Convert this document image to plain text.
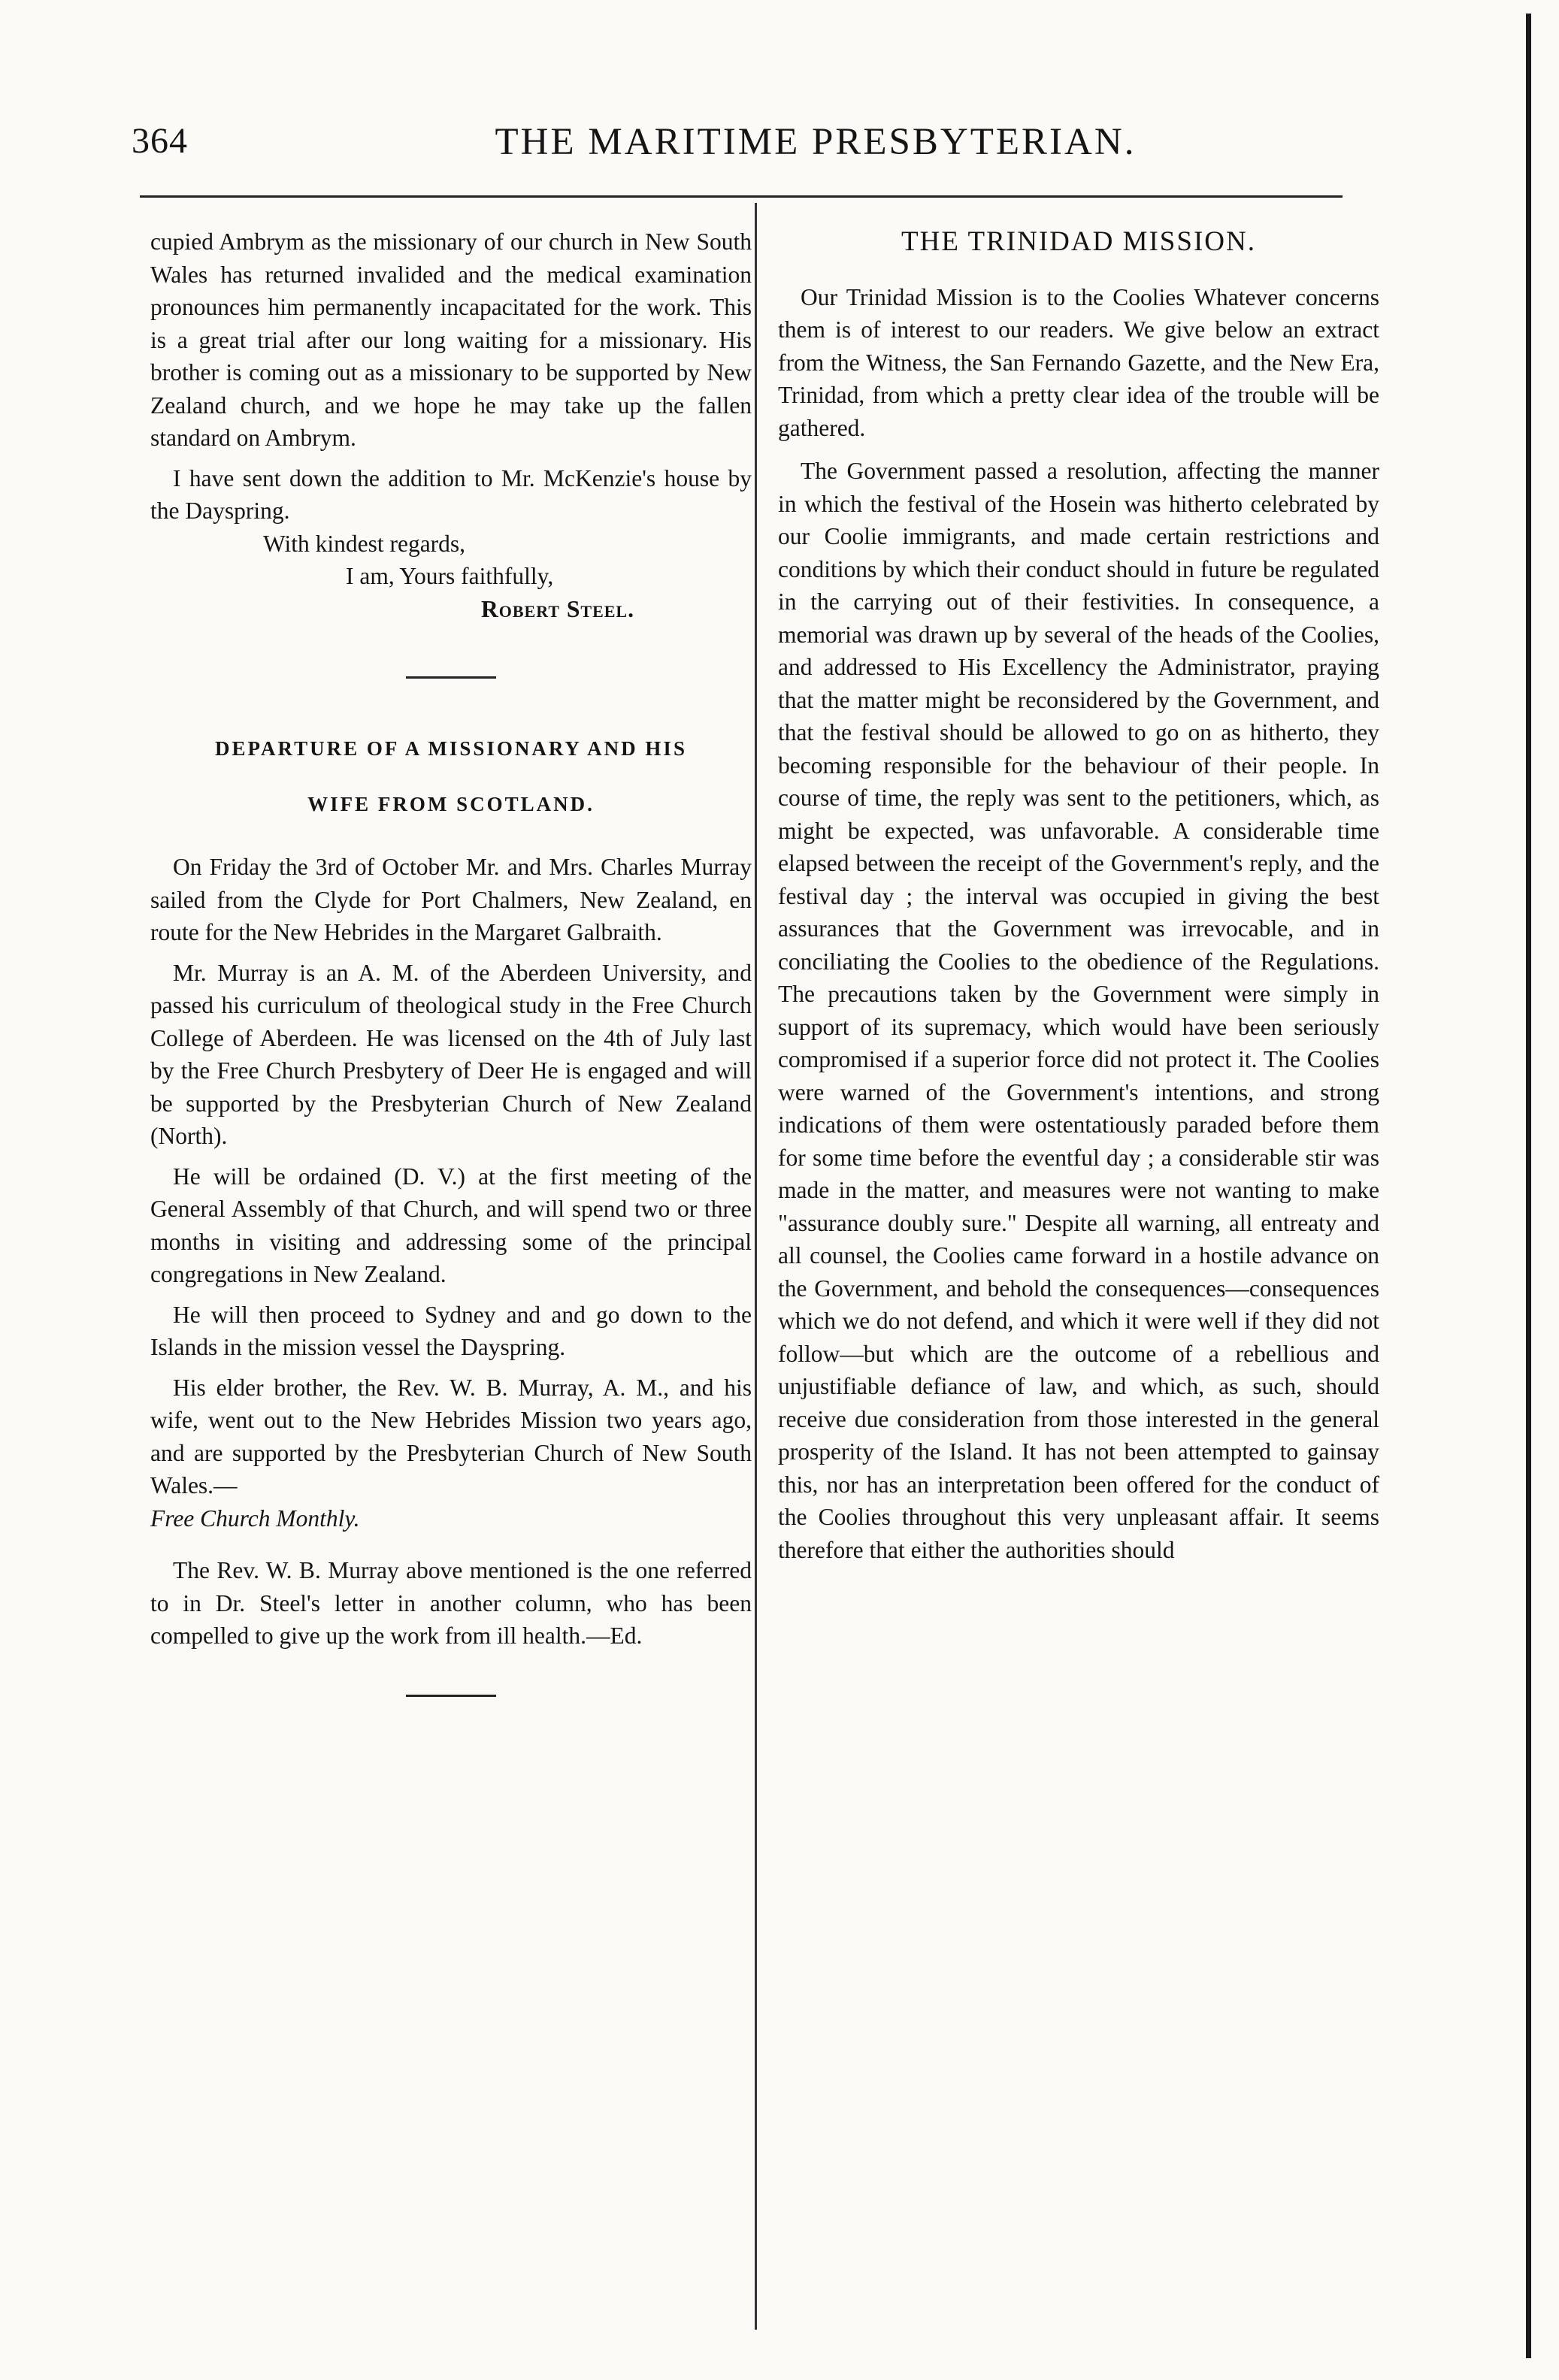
364	THE MARITIME PRESBYTERIAN.

cupied Ambrym as the missionary of our church in New South Wales has returned invalided and the medical examination pronounces him permanently incapacitated for the work. This is a great trial after our long waiting for a missionary. His brother is coming out as a missionary to be supported by New Zealand church, and we hope he may take up the fallen standard on Ambrym.

I have sent down the addition to Mr. McKenzie's house by the Dayspring.

With kindest regards,
I am, Yours faithfully,
Robert Steel.
DEPARTURE OF A MISSIONARY AND HIS
WIFE FROM SCOTLAND.

On Friday the 3rd of October Mr. and Mrs. Charles Murray sailed from the Clyde for Port Chalmers, New Zealand, en route for the New Hebrides in the Margaret Galbraith.

Mr. Murray is an A. M. of the Aberdeen University, and passed his curriculum of theological study in the Free Church College of Aberdeen. He was licensed on the 4th of July last by the Free Church Presbytery of Deer He is engaged and will be supported by the Presbyterian Church of New Zealand (North).

He will be ordained (D. V.) at the first meeting of the General Assembly of that Church, and will spend two or three months in visiting and addressing some of the principal congregations in New Zealand.

He will then proceed to Sydney and and go down to the Islands in the mission vessel the Dayspring.

His elder brother, the Rev. W. B. Murray, A. M., and his wife, went out to the New Hebrides Mission two years ago, and are supported by the Presbyterian Church of New South Wales.—

Free Church Monthly.

The Rev. W. B. Murray above mentioned is the one referred to in Dr. Steel's letter in another column, who has been compelled to give up the work from ill health.—Ed.

THE TRINIDAD MISSION.

Our Trinidad Mission is to the Coolies Whatever concerns them is of interest to our readers. We give below an extract from the Witness, the San Fernando Gazette, and the New Era, Trinidad, from which a pretty clear idea of the trouble will be gathered.

The Government passed a resolution, affecting the manner in which the festival of the Hosein was hitherto celebrated by our Coolie immigrants, and made certain restrictions and conditions by which their conduct should in future be regulated in the carrying out of their festivities. In consequence, a memorial was drawn up by several of the heads of the Coolies, and addressed to His Excellency the Administrator, praying that the matter might be reconsidered by the Government, and that the festival should be allowed to go on as hitherto, they becoming responsible for the behaviour of their people. In course of time, the reply was sent to the petitioners, which, as might be expected, was unfavorable. A considerable time elapsed between the receipt of the Government's reply, and the festival day ; the interval was occupied in giving the best assurances that the Government was irrevocable, and in conciliating the Coolies to the obedience of the Regulations. The precautions taken by the Government were simply in support of its supremacy, which would have been seriously compromised if a superior force did not protect it. The Coolies were warned of the Government's intentions, and strong indications of them were ostentatiously paraded before them for some time before the eventful day ; a considerable stir was made in the matter, and measures were not wanting to make "assurance doubly sure." Despite all warning, all entreaty and all counsel, the Coolies came forward in a hostile advance on the Government, and behold the consequences—consequences which we do not defend, and which it were well if they did not follow—but which are the outcome of a rebellious and unjustifiable defiance of law, and which, as such, should receive due consideration from those interested in the general prosperity of the Island. It has not been attempted to gainsay this, nor has an interpretation been offered for the conduct of the Coolies throughout this very unpleasant affair. It seems therefore that either the authorities should
